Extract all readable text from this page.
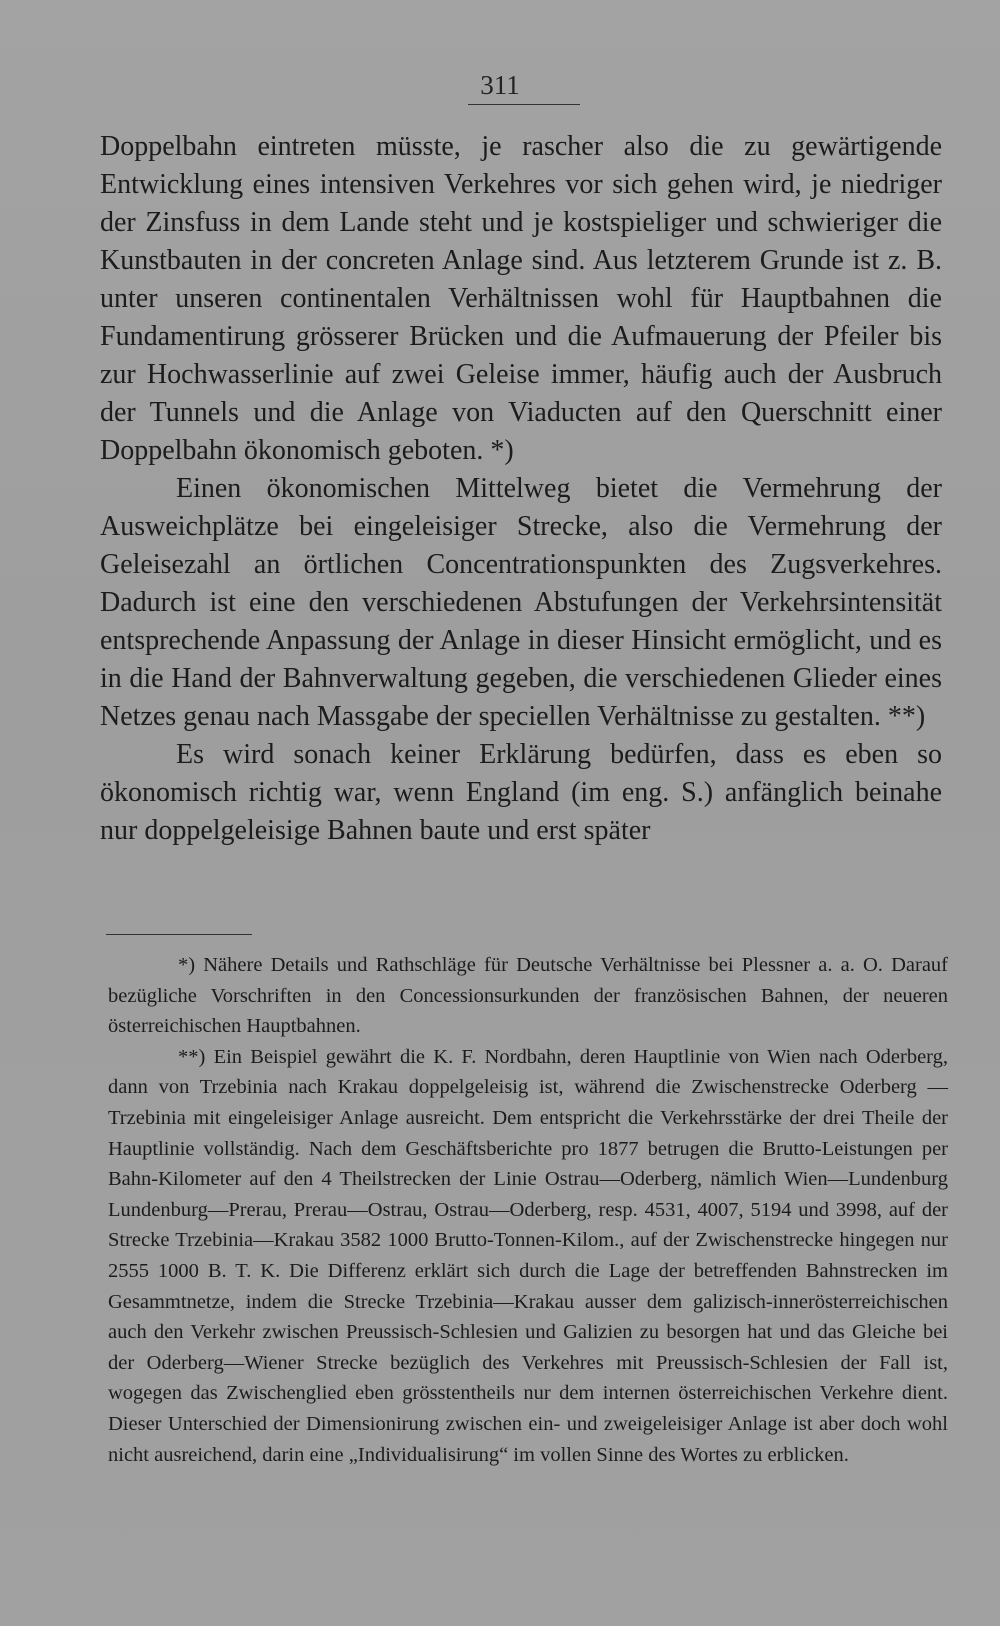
311

Doppelbahn eintreten müsste, je rascher also die zu gewärtigende Entwicklung eines intensiven Verkehres vor sich gehen wird, je niedriger der Zinsfuss in dem Lande steht und je kostspieliger und schwieriger die Kunstbauten in der concreten Anlage sind. Aus letzterem Grunde ist z. B. unter unseren continentalen Verhältnissen wohl für Hauptbahnen die Fundamentirung grösserer Brücken und die Aufmauerung der Pfeiler bis zur Hochwasserlinie auf zwei Geleise immer, häufig auch der Ausbruch der Tunnels und die Anlage von Viaducten auf den Querschnitt einer Doppelbahn ökonomisch geboten. *)

Einen ökonomischen Mittelweg bietet die Vermehrung der Ausweichplätze bei eingeleisiger Strecke, also die Vermehrung der Geleisezahl an örtlichen Concentrationspunkten des Zugsverkehres. Dadurch ist eine den verschiedenen Abstufungen der Verkehrsintensität entsprechende Anpassung der Anlage in dieser Hinsicht ermöglicht, und es in die Hand der Bahnverwaltung gegeben, die verschiedenen Glieder eines Netzes genau nach Massgabe der speciellen Verhältnisse zu gestalten. **)

Es wird sonach keiner Erklärung bedürfen, dass es eben so ökonomisch richtig war, wenn England (im eng. S.) anfänglich beinahe nur doppelgeleisige Bahnen baute und erst später

*) Nähere Details und Rathschläge für Deutsche Verhältnisse bei Plessner a. a. O. Darauf bezügliche Vorschriften in den Concessionsurkunden der französischen Bahnen, der neueren österreichischen Hauptbahnen.

**) Ein Beispiel gewährt die K. F. Nordbahn, deren Hauptlinie von Wien nach Oderberg, dann von Trzebinia nach Krakau doppelgeleisig ist, während die Zwischenstrecke Oderberg — Trzebinia mit eingeleisiger Anlage ausreicht. Dem entspricht die Verkehrsstärke der drei Theile der Hauptlinie vollständig. Nach dem Geschäftsberichte pro 1877 betrugen die Brutto-Leistungen per Bahn-Kilometer auf den 4 Theilstrecken der Linie Ostrau—Oderberg, nämlich Wien—Lundenburg Lundenburg—Prerau, Prerau—Ostrau, Ostrau—Oderberg, resp. 4531, 4007, 5194 und 3998, auf der Strecke Trzebinia—Krakau 3582 1000 Brutto-Tonnen-Kilom., auf der Zwischenstrecke hingegen nur 2555 1000 B. T. K. Die Differenz erklärt sich durch die Lage der betreffenden Bahnstrecken im Gesammtnetze, indem die Strecke Trzebinia—Krakau ausser dem galizisch-innerösterreichischen auch den Verkehr zwischen Preussisch-Schlesien und Galizien zu besorgen hat und das Gleiche bei der Oderberg—Wiener Strecke bezüglich des Verkehres mit Preussisch-Schlesien der Fall ist, wogegen das Zwischenglied eben grösstentheils nur dem internen österreichischen Verkehre dient. Dieser Unterschied der Dimensionirung zwischen ein- und zweigeleisiger Anlage ist aber doch wohl nicht ausreichend, darin eine „Individualisirung“ im vollen Sinne des Wortes zu erblicken.
